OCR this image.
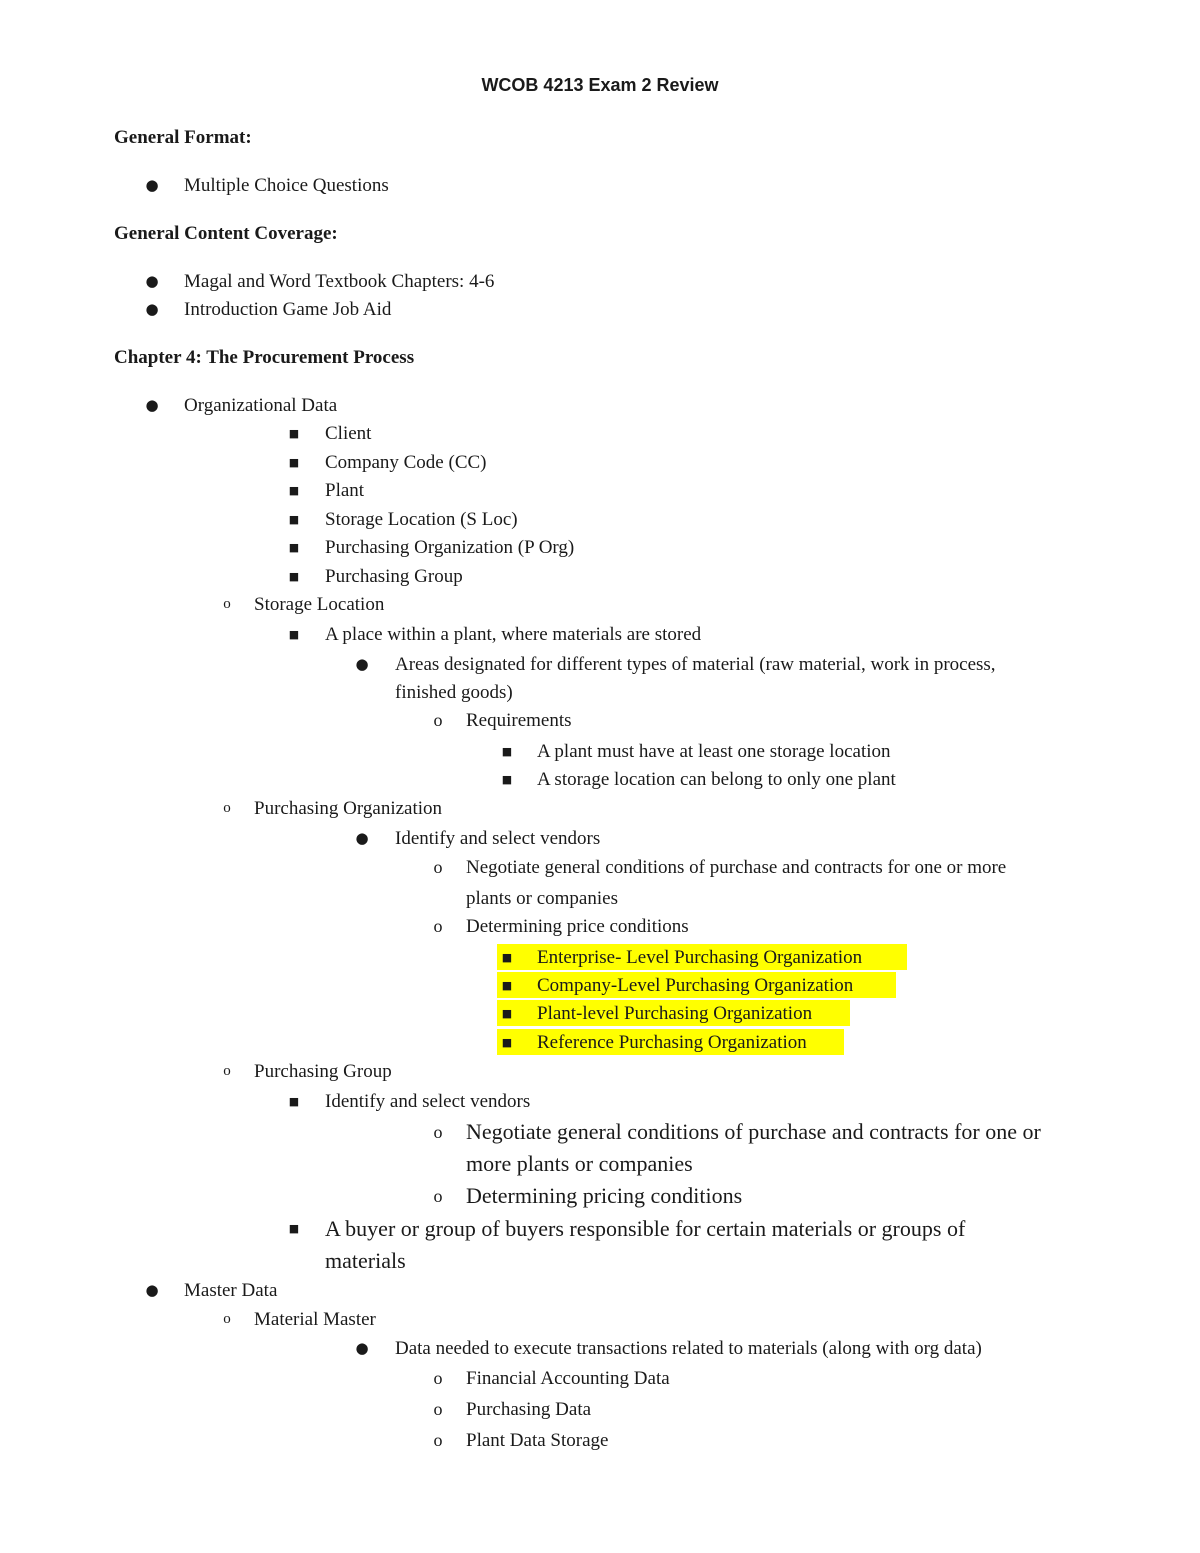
WCOB 4213 Exam 2 Review
General Format:
● Multiple Choice Questions
General Content Coverage:
● Magal and Word Textbook Chapters: 4-6
● Introduction Game Job Aid
Chapter 4: The Procurement Process
● Organizational Data
■ Client
■ Company Code (CC)
■ Plant
■ Storage Location (S Loc)
■ Purchasing Organization (P Org)
■ Purchasing Group
o	Storage Location
■ A place within a plant, where materials are stored
● Areas designated for different types of material (raw material, work in process,
finished goods)
o Requirements
■ A plant must have at least one storage location
■ A storage location can belong to only one plant
o	Purchasing Organization
● Identify and select vendors
o Negotiate general conditions of purchase and contracts for one or more
plants or companies
o Determining price conditions
■ Enterprise- Level Purchasing Organization
■ Company-Level Purchasing Organization
■ Plant-level Purchasing Organization
■ Reference Purchasing Organization
o	Purchasing Group
■ Identify and select vendors
o Negotiate general conditions of purchase and contracts for one or
more plants or companies
o Determining pricing conditions
■ A buyer or group of buyers responsible for certain materials or groups of
materials
● Master Data
o	Material Master
● Data needed to execute transactions related to materials (along with org data)
o Financial Accounting Data
o Purchasing Data
o Plant Data Storage
